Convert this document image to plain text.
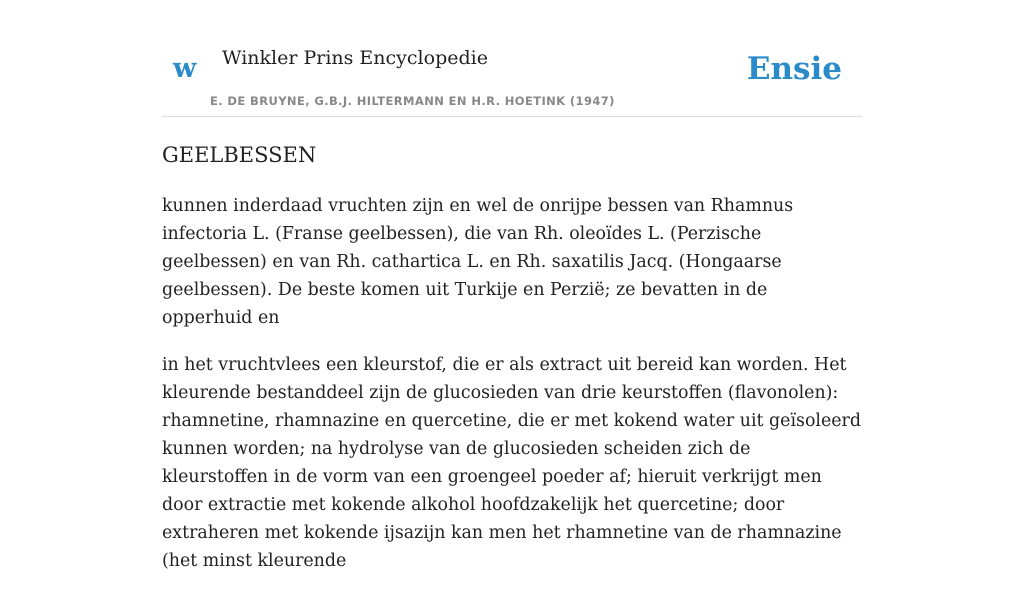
w Winkler Prins Encyclopedie
E. DE BRUYNE, G.B.J. HILTERMANN EN H.R. HOETINK (1947)
Ensie
GEELBESSEN

kunnen inderdaad vruchten zijn en wel de onrijpe bessen van Rhamnus infectoria L. (Franse geelbessen), die van Rh. oleoïdes L. (Perzische geelbessen) en van Rh. cathartica L. en Rh. saxatilis Jacq. (Hongaarse geelbessen). De beste komen uit Turkije en Perzië; ze bevatten in de opperhuid en

in het vruchtvlees een kleurstof, die er als extract uit bereid kan worden. Het kleurende bestanddeel zijn de glucosieden van drie keurstoffen (flavonolen): rhamnetine, rhamnazine en quercetine, die er met kokend water uit geïsoleerd kunnen worden; na hydrolyse van de glucosieden scheiden zich de kleurstoffen in de vorm van een groengeel poeder af; hieruit verkrijgt men door extractie met kokende alkohol hoofdzakelijk het quercetine; door extraheren met kokende ijsazijn kan men het rhamnetine van de rhamnazine (het minst kleurende
